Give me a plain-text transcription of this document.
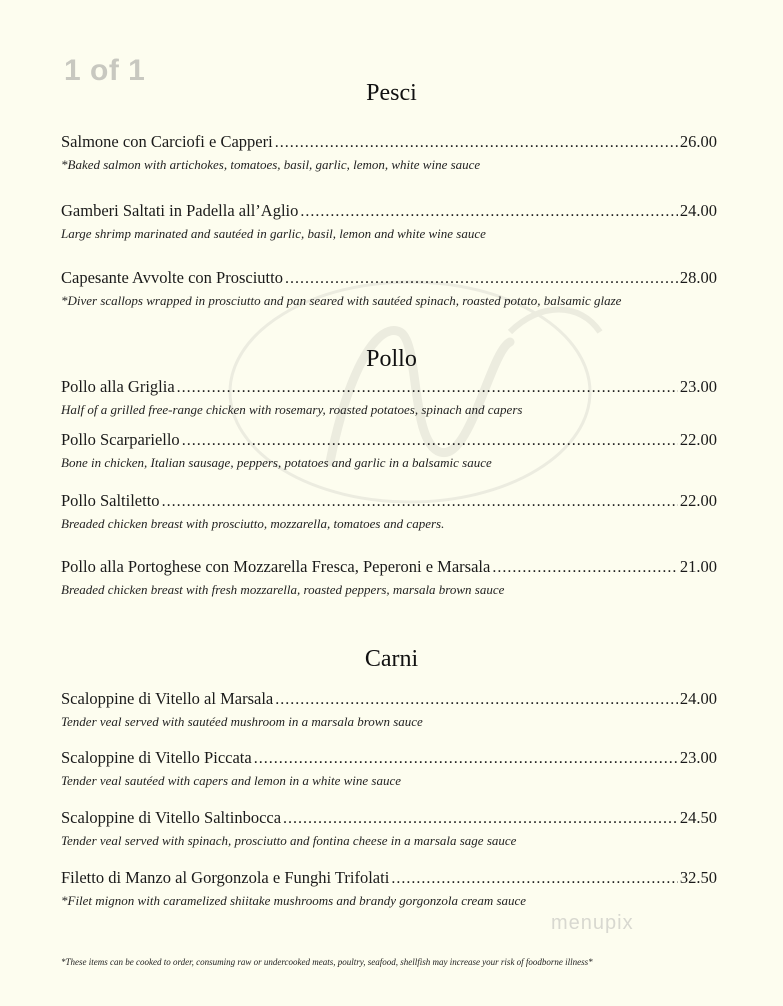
1 of 1
Pesci
Salmone con Carciofi e Capperi .....	26.00
*Baked salmon with artichokes, tomatoes, basil, garlic, lemon, white wine sauce
Gamberi Saltati in Padella all’Aglio .....	24.00
Large shrimp marinated and sautéed in garlic, basil, lemon and white wine sauce
Capesante Avvolte con Prosciutto .....	28.00
*Diver scallops wrapped in prosciutto and pan seared with sautéed spinach, roasted potato, balsamic glaze
Pollo
Pollo alla Griglia .....	23.00
Half of a grilled free-range chicken with rosemary, roasted potatoes, spinach and capers
Pollo Scarpariello .....	22.00
Bone in chicken, Italian sausage, peppers, potatoes and garlic in a balsamic sauce
Pollo Saltiletto .....	22.00
Breaded chicken breast with prosciutto, mozzarella, tomatoes and capers.
Pollo alla Portoghese con Mozzarella Fresca, Peperoni e Marsala .....	21.00
Breaded chicken breast with fresh mozzarella, roasted peppers, marsala brown sauce
Carni
Scaloppine di Vitello al Marsala .....	24.00
Tender veal served with sautéed mushroom in a marsala brown sauce
Scaloppine di Vitello Piccata .....	23.00
Tender veal sautéed with capers and lemon in a white wine sauce
Scaloppine di Vitello Saltinbocca .....	24.50
Tender veal served with spinach, prosciutto and fontina cheese in a marsala sage sauce
Filetto di Manzo al Gorgonzola e Funghi Trifolati .....	32.50
*Filet mignon with caramelized shiitake mushrooms and brandy gorgonzola cream sauce
menupix
*These items can be cooked to order, consuming raw or undercooked meats, poultry, seafood, shellfish may increase your risk of foodborne illness*
